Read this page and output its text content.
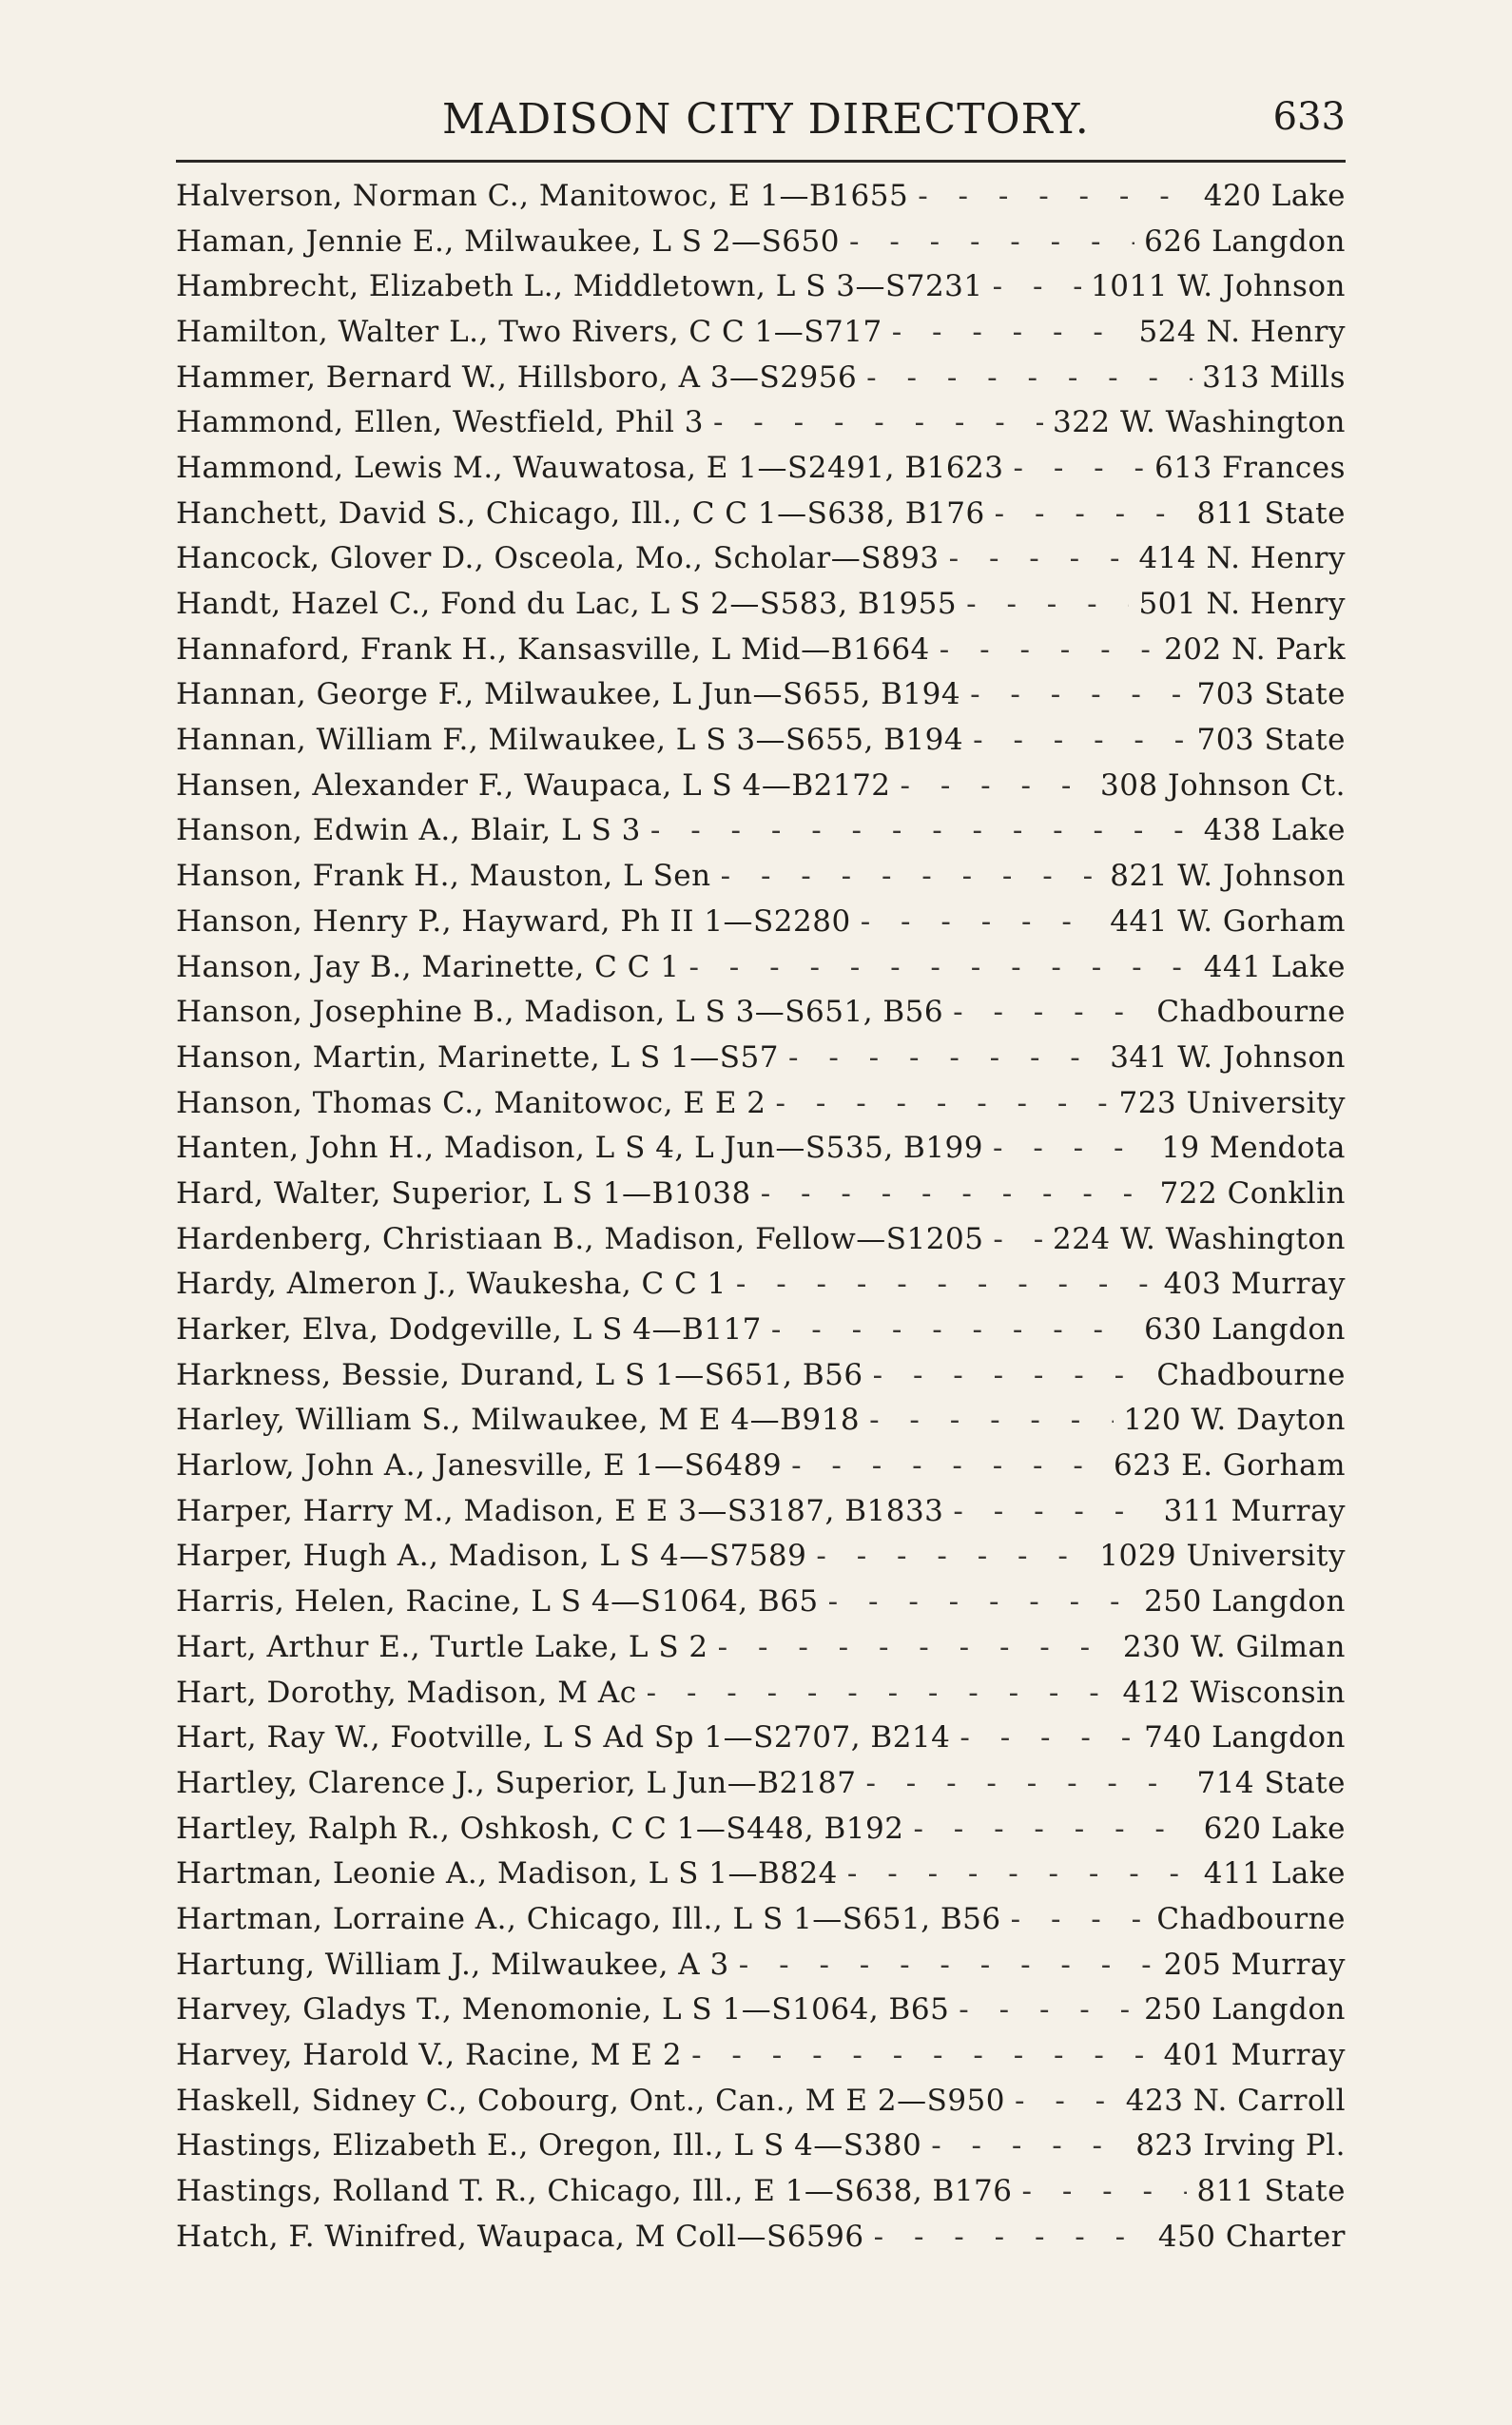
MADISON CITY DIRECTORY.	633
Halverson, Norman C., Manitowoc, E 1—B1655 - - -	420 Lake
Haman, Jennie E., Milwaukee, L S 2—S650 - - -	626 Langdon
Hambrecht, Elizabeth L., Middletown, L S 3—S7231 - - -	1011 W. Johnson
Hamilton, Walter L., Two Rivers, C C 1—S717 - - -	524 N. Henry
Hammer, Bernard W., Hillsboro, A 3—S2956 - - -	313 Mills
Hammond, Ellen, Westfield, Phil 3 - - -	322 W. Washington
Hammond, Lewis M., Wauwatosa, E 1—S2491, B1623 - - -	613 Frances
Hanchett, David S., Chicago, Ill., C C 1—S638, B176 - - -	811 State
Hancock, Glover D., Osceola, Mo., Scholar—S893 - - -	414 N. Henry
Handt, Hazel C., Fond du Lac, L S 2—S583, B1955 - - -	501 N. Henry
Hannaford, Frank H., Kansasville, L Mid—B1664 - - -	202 N. Park
Hannan, George F., Milwaukee, L Jun—S655, B194 - - -	703 State
Hannan, William F., Milwaukee, L S 3—S655, B194 - - -	703 State
Hansen, Alexander F., Waupaca, L S 4—B2172 - - -	308 Johnson Ct.
Hanson, Edwin A., Blair, L S 3 - - -	438 Lake
Hanson, Frank H., Mauston, L Sen - - -	821 W. Johnson
Hanson, Henry P., Hayward, Ph II 1—S2280 - - -	441 W. Gorham
Hanson, Jay B., Marinette, C C 1 - - -	441 Lake
Hanson, Josephine B., Madison, L S 3—S651, B56 - - -	Chadbourne
Hanson, Martin, Marinette, L S 1—S57 - - -	341 W. Johnson
Hanson, Thomas C., Manitowoc, E E 2 - - -	723 University
Hanten, John H., Madison, L S 4, L Jun—S535, B199 - - -	19 Mendota
Hard, Walter, Superior, L S 1—B1038 - - -	722 Conklin
Hardenberg, Christiaan B., Madison, Fellow—S1205 - - - 224 W. Washington
Hardy, Almeron J., Waukesha, C C 1 - - -	403 Murray
Harker, Elva, Dodgeville, L S 4—B117 - - -	630 Langdon
Harkness, Bessie, Durand, L S 1—S651, B56 - - -	Chadbourne
Harley, William S., Milwaukee, M E 4—B918 - - -	120 W. Dayton
Harlow, John A., Janesville, E 1—S6489 - - -	623 E. Gorham
Harper, Harry M., Madison, E E 3—S3187, B1833 - - -	311 Murray
Harper, Hugh A., Madison, L S 4—S7589 - - -	1029 University
Harris, Helen, Racine, L S 4—S1064, B65 - - -	250 Langdon
Hart, Arthur E., Turtle Lake, L S 2 - - -	230 W. Gilman
Hart, Dorothy, Madison, M Ac - - -	412 Wisconsin
Hart, Ray W., Footville, L S Ad Sp 1—S2707, B214 - - -	740 Langdon
Hartley, Clarence J., Superior, L Jun—B2187 - - -	714 State
Hartley, Ralph R., Oshkosh, C C 1—S448, B192 - - -	620 Lake
Hartman, Leonie A., Madison, L S 1—B824 - - -	411 Lake
Hartman, Lorraine A., Chicago, Ill., L S 1—S651, B56 - - -	Chadbourne
Hartung, William J., Milwaukee, A 3 - - -	205 Murray
Harvey, Gladys T., Menomonie, L S 1—S1064, B65 - - -	250 Langdon
Harvey, Harold V., Racine, M E 2 - - -	401 Murray
Haskell, Sidney C., Cobourg, Ont., Can., M E 2—S950 - - -	423 N. Carroll
Hastings, Elizabeth E., Oregon, Ill., L S 4—S380 - - -	823 Irving Pl.
Hastings, Rolland T. R., Chicago, Ill., E 1—S638, B176 - - -	811 State
Hatch, F. Winifred, Waupaca, M Coll—S6596 - - -	450 Charter
